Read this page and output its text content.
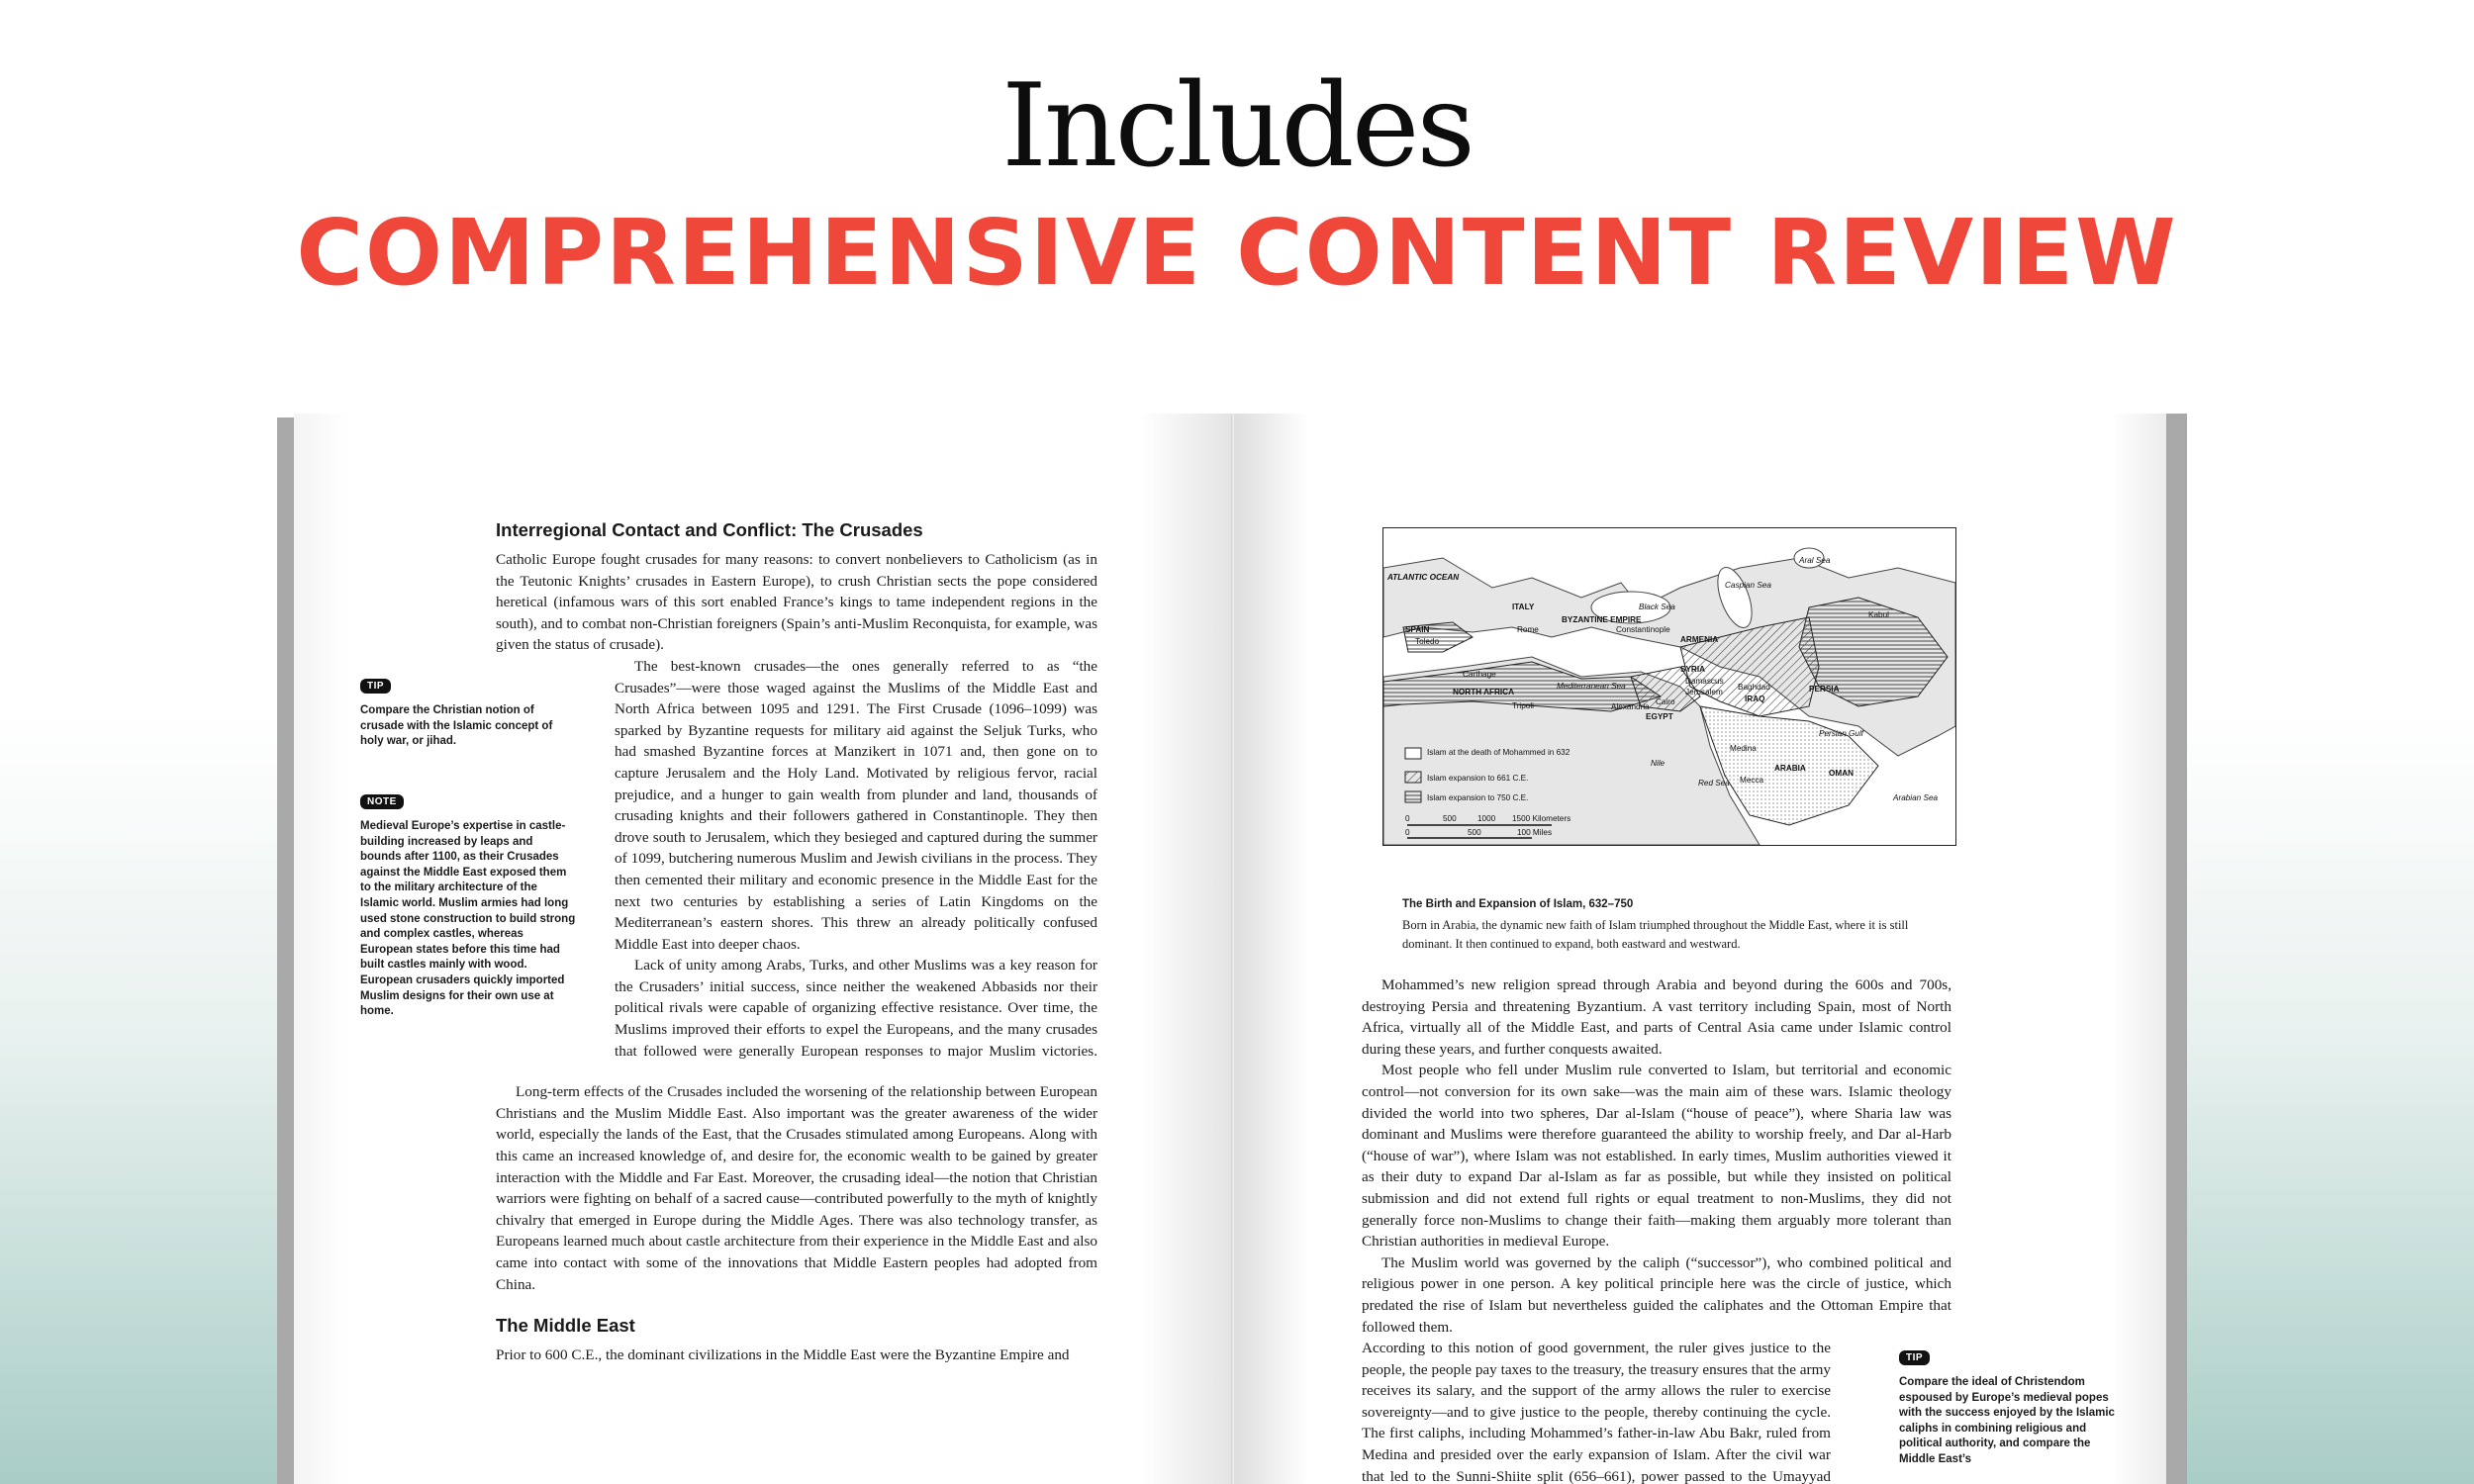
Includes
COMPREHENSIVE CONTENT REVIEW
TIP
Compare the Christian notion of crusade with the Islamic concept of holy war, or jihad.
NOTE
Medieval Europe’s expertise in castle-building increased by leaps and bounds after 1100, as their Crusades against the Middle East exposed them to the military architecture of the Islamic world. Muslim armies had long used stone construction to build strong and complex castles, whereas European states before this time had built castles mainly with wood. European crusaders quickly imported Muslim designs for their own use at home.
Interregional Contact and Conflict: The Crusades

Catholic Europe fought crusades for many reasons: to convert nonbelievers to Catholicism (as in the Teutonic Knights’ crusades in Eastern Europe), to crush Christian sects the pope considered heretical (infamous wars of this sort enabled France’s kings to tame independent regions in the south), and to combat non-Christian foreigners (Spain’s anti-Muslim Reconquista, for example, was given the status of crusade).

The best-known crusades—the ones generally referred to as “the Crusades”—were those waged against the Muslims of the Middle East and North Africa between 1095 and 1291. The First Crusade (1096–1099) was sparked by Byzantine requests for military aid against the Seljuk Turks, who had smashed Byzantine forces at Manzikert in 1071 and, then gone on to capture Jerusalem and the Holy Land. Motivated by religious fervor, racial prejudice, and a hunger to gain wealth from plunder and land, thousands of crusading knights and their followers gathered in Constantinople. They then drove south to Jerusalem, which they besieged and captured during the summer of 1099, butchering numerous Muslim and Jewish civilians in the process. They then cemented their military and economic presence in the Middle East for the next two centuries by establishing a series of Latin Kingdoms on the Mediterranean’s eastern shores. This threw an already politically confused Middle East into deeper chaos.

Lack of unity among Arabs, Turks, and other Muslims was a key reason for the Crusaders’ initial success, since neither the weakened Abbasids nor their political rivals were capable of organizing effective resistance. Over time, the Muslims improved their efforts to expel the Europeans, and the many crusades that followed were generally European responses to major Muslim victories.

Long-term effects of the Crusades included the worsening of the relationship between European Christians and the Muslim Middle East. Also important was the greater awareness of the wider world, especially the lands of the East, that the Crusades stimulated among Europeans. Along with this came an increased knowledge of, and desire for, the economic wealth to be gained by greater interaction with the Middle and Far East. Moreover, the crusading ideal—the notion that Christian warriors were fighting on behalf of a sacred cause—contributed powerfully to the myth of knightly chivalry that emerged in Europe during the Middle Ages. There was also technology transfer, as Europeans learned much about castle architecture from their experience in the Middle East and also came into contact with some of the innovations that Middle Eastern peoples had adopted from China.

The Middle East

Prior to 600 C.E., the dominant civilizations in the Middle East were the Byzantine Empire and

ATLANTIC OCEAN
SPAIN
Toledo
ITALY
Rome
BYZANTINE EMPIRE
Constantinople
Black Sea
ARMENIA
Caspian Sea
Aral Sea
Kabul
Carthage
NORTH AFRICA
Mediterranean Sea
SYRIA
Damascus
Jerusalem
Baghdad
IRAQ
PERSIA
Tripoli	Alexandria
Cairo
EGYPT
Nile
Persian Gulf
Medina
ARABIA
Mecca
Red Sea
OMAN
Arabian Sea
Islam at the death of Mohammed in 632
Islam expansion to 661 C.E.
Islam expansion to 750 C.E.
0	500	1000 1500 Kilometers
0	500	100 Miles
The Birth and Expansion of Islam, 632–750
Born in Arabia, the dynamic new faith of Islam triumphed throughout the Middle East, where it is still dominant. It then continued to expand, both eastward and westward.

Mohammed’s new religion spread through Arabia and beyond during the 600s and 700s, destroying Persia and threatening Byzantium. A vast territory including Spain, most of North Africa, virtually all of the Middle East, and parts of Central Asia came under Islamic control during these years, and further conquests awaited.

Most people who fell under Muslim rule converted to Islam, but territorial and economic control—not conversion for its own sake—was the main aim of these wars. Islamic theology divided the world into two spheres, Dar al-Islam (“house of peace”), where Sharia law was dominant and Muslims were therefore guaranteed the ability to worship freely, and Dar al-Harb (“house of war”), where Islam was not established. In early times, Muslim authorities viewed it as their duty to expand Dar al-Islam as far as possible, but while they insisted on political submission and did not extend full rights or equal treatment to non-Muslims, they did not generally force non-Muslims to change their faith—making them arguably more tolerant than Christian authorities in medieval Europe.

The Muslim world was governed by the caliph (“successor”), who combined political and religious power in one person. A key political principle here was the circle of justice, which predated the rise of Islam but nevertheless guided the caliphates and the Ottoman Empire that followed them.

According to this notion of good government, the ruler gives justice to the people, the people pay taxes to the treasury, the treasury ensures that the army receives its salary, and the support of the army allows the ruler to exercise sovereignty—and to give justice to the people, thereby continuing the cycle. The first caliphs, including Mohammed’s father-in-law Abu Bakr, ruled from Medina and presided over the early expansion of Islam. After the civil war that led to the Sunni-Shiite split (656–661), power passed to the Umayyad

TIP
Compare the ideal of Christendom espoused by Europe’s medieval popes with the success enjoyed by the Islamic caliphs in combining religious and political authority, and compare the Middle East’s
